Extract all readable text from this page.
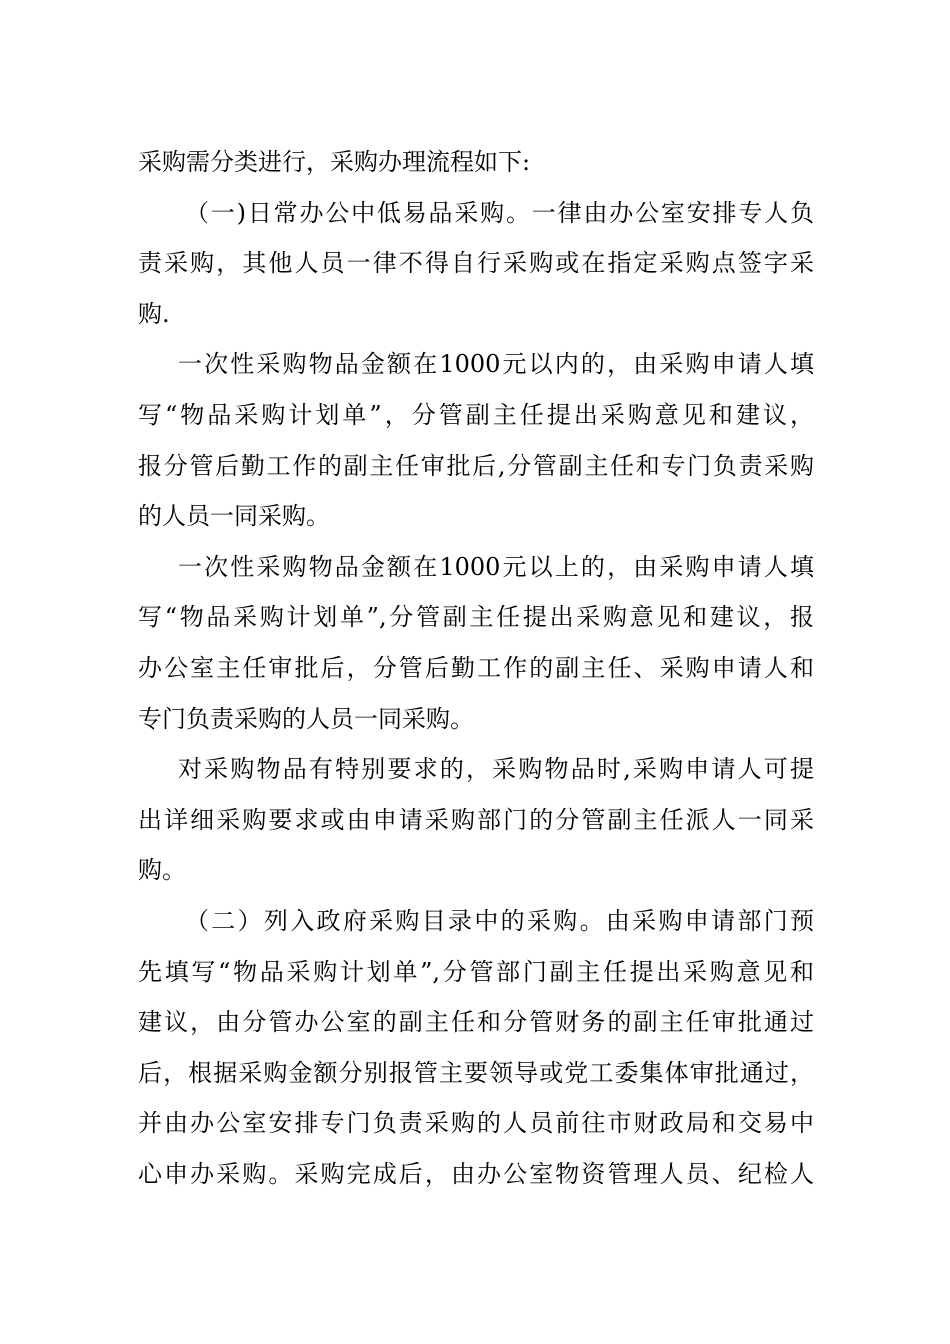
采购需分类进行，采购办理流程如下:
（一)日常办公中低易品采购。一律由办公室安排专人负
责采购，其他人员一律不得自行采购或在指定采购点签字采
购.
一次性采购物品金额在1000元以内的，由采购申请人填
写“物品采购计划单”，分管副主任提出采购意见和建议，
报分管后勤工作的副主任审批后,分管副主任和专门负责采购
的人员一同采购。
一次性采购物品金额在1000元以上的，由采购申请人填
写“物品采购计划单”,分管副主任提出采购意见和建议，报
办公室主任审批后，分管后勤工作的副主任、采购申请人和
专门负责采购的人员一同采购。
对采购物品有特别要求的，采购物品时,采购申请人可提
出详细采购要求或由申请采购部门的分管副主任派人一同采
购。
（二）列入政府采购目录中的采购。由采购申请部门预
先填写“物品采购计划单”,分管部门副主任提出采购意见和
建议，由分管办公室的副主任和分管财务的副主任审批通过
后，根据采购金额分别报管主要领导或党工委集体审批通过，
并由办公室安排专门负责采购的人员前往市财政局和交易中
心申办采购。采购完成后，由办公室物资管理人员、纪检人
